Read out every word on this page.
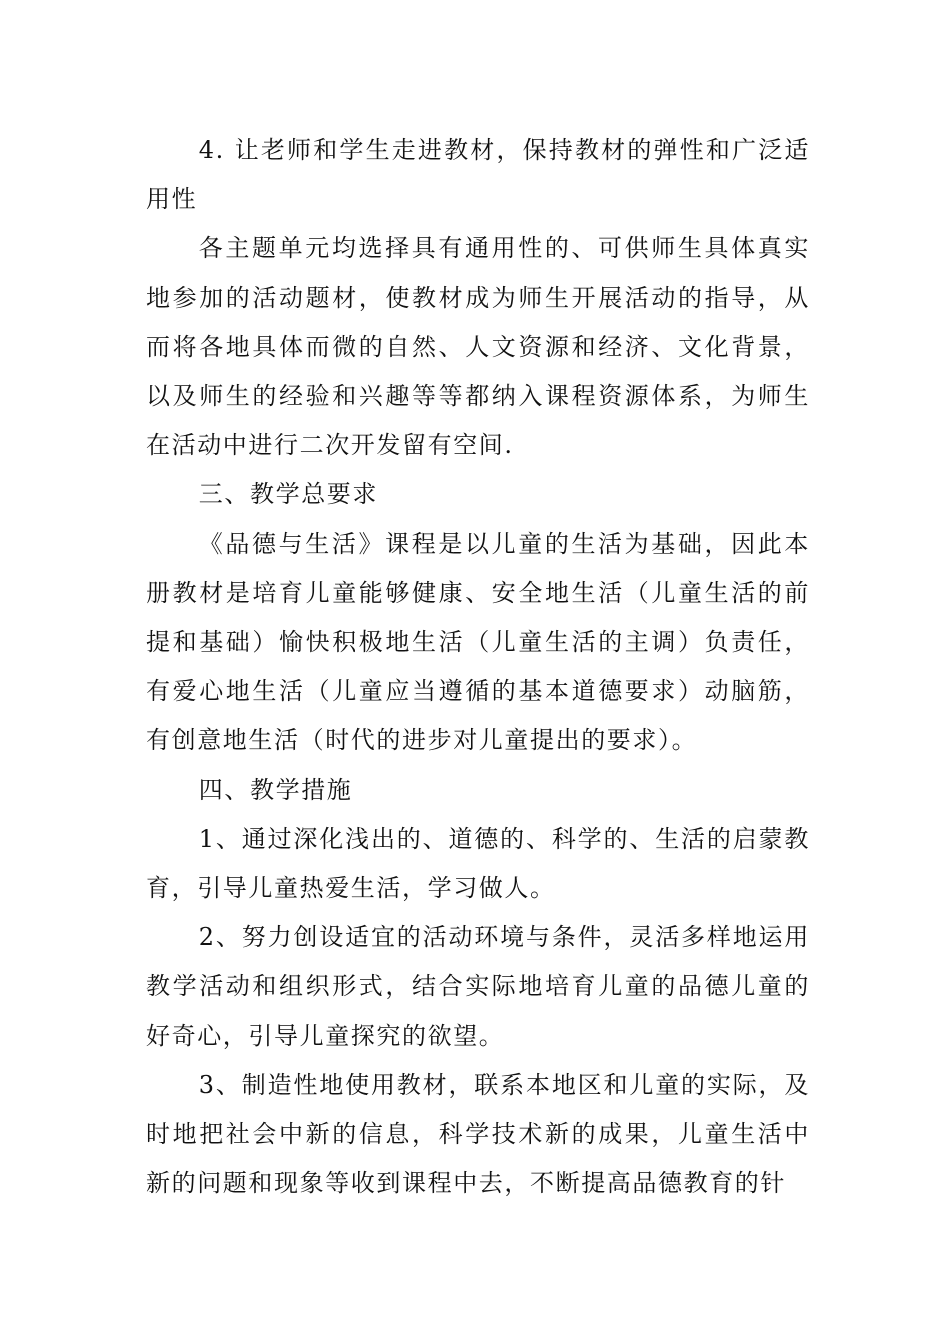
4. 让老师和学生走进教材，保持教材的弹性和广泛适用性

各主题单元均选择具有通用性的、可供师生具体真实地参加的活动题材，使教材成为师生开展活动的指导，从而将各地具体而微的自然、人文资源和经济、文化背景，以及师生的经验和兴趣等等都纳入课程资源体系，为师生在活动中进行二次开发留有空间.

三、教学总要求

《品德与生活》课程是以儿童的生活为基础，因此本册教材是培育儿童能够健康、安全地生活（儿童生活的前提和基础）愉快积极地生活（儿童生活的主调）负责任，有爱心地生活（儿童应当遵循的基本道德要求）动脑筋，有创意地生活（时代的进步对儿童提出的要求）。

四、教学措施

1、通过深化浅出的、道德的、科学的、生活的启蒙教育，引导儿童热爱生活，学习做人。

2、努力创设适宜的活动环境与条件，灵活多样地运用教学活动和组织形式，结合实际地培育儿童的品德儿童的好奇心，引导儿童探究的欲望。

3、制造性地使用教材，联系本地区和儿童的实际，及时地把社会中新的信息，科学技术新的成果，儿童生活中新的问题和现象等收到课程中去，不断提高品德教育的针
